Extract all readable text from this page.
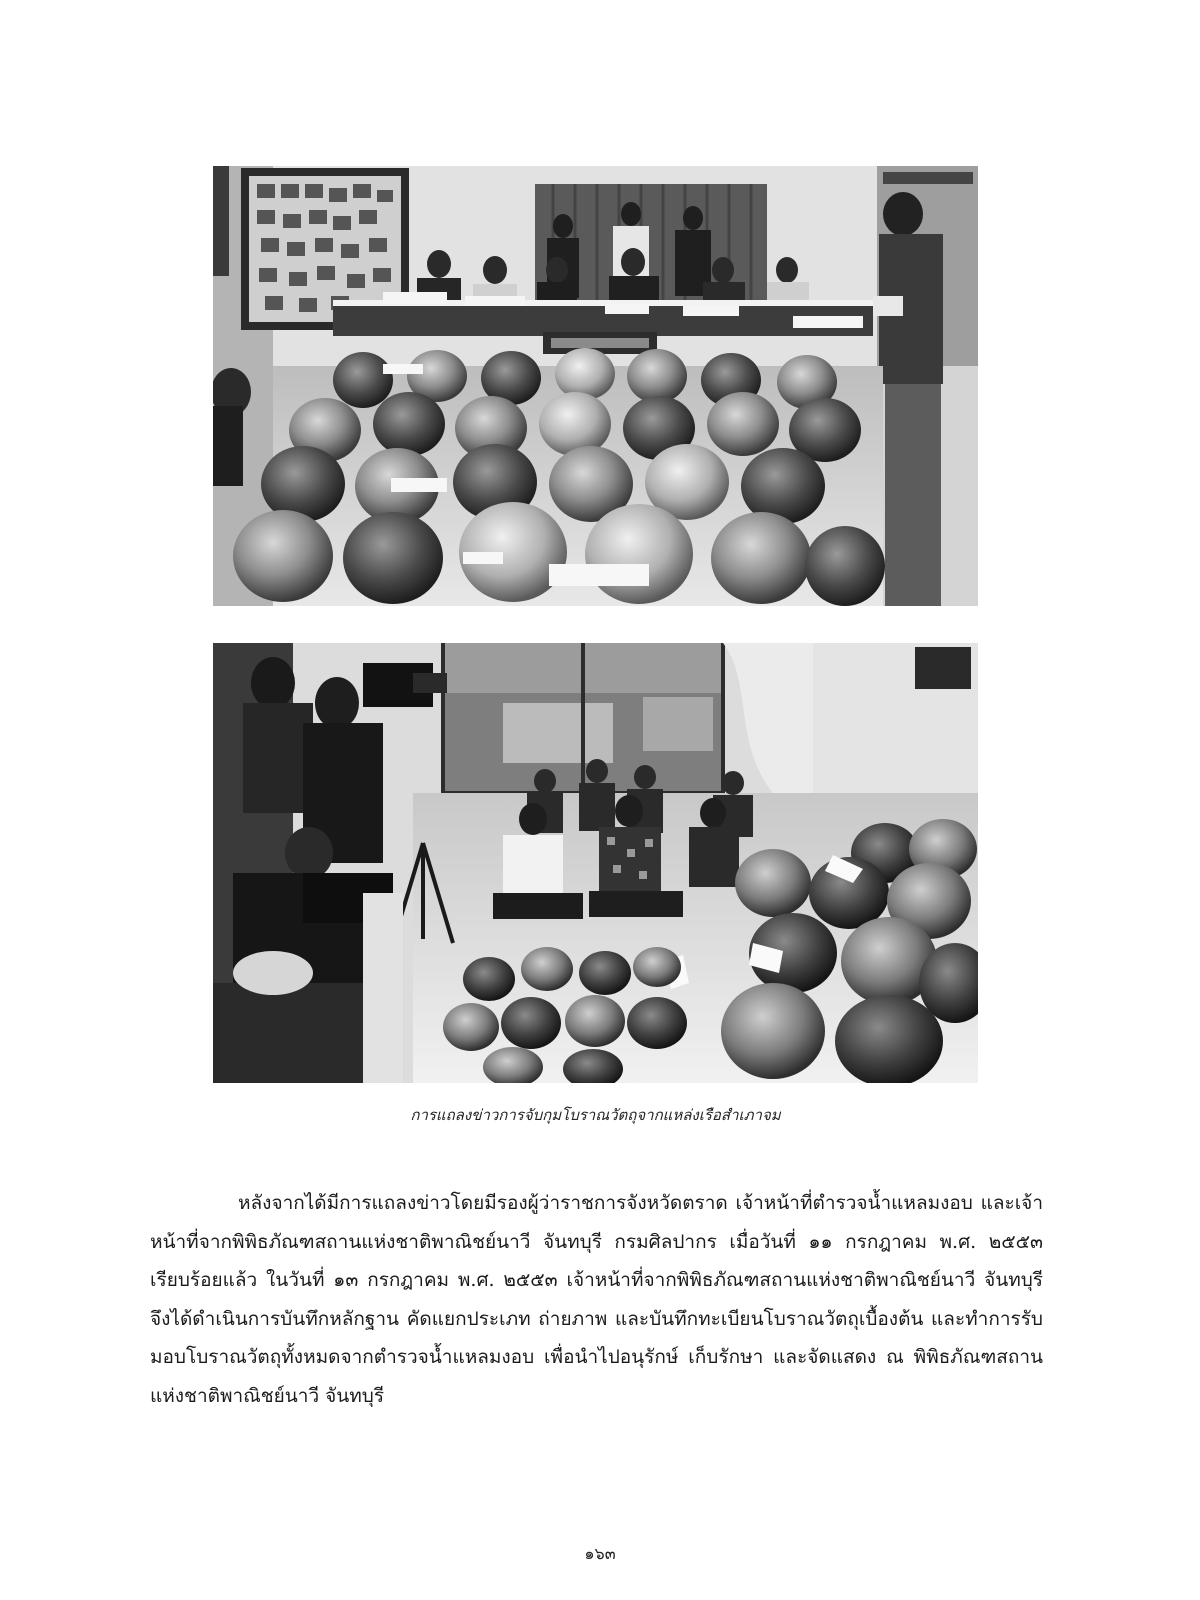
การแถลงข่าวการจับกุมโบราณวัตถุจากแหล่งเรือสำเภาจม

หลังจากได้มีการแถลงข่าวโดยมีรองผู้ว่าราชการจังหวัดตราด เจ้าหน้าที่ตำรวจน้ำแหลมงอบ และเจ้าหน้าที่จากพิพิธภัณฑสถานแห่งชาติพาณิชย์นาวี จันทบุรี กรมศิลปากร เมื่อวันที่ ๑๑ กรกฎาคม พ.ศ. ๒๕๕๓ เรียบร้อยแล้ว ในวันที่ ๑๓ กรกฎาคม พ.ศ. ๒๕๕๓ เจ้าหน้าที่จากพิพิธภัณฑสถานแห่งชาติพาณิชย์นาวี จันทบุรี จึงได้ดำเนินการบันทึกหลักฐาน คัดแยกประเภท ถ่ายภาพ และบันทึกทะเบียนโบราณวัตถุเบื้องต้น และทำการรับมอบโบราณวัตถุทั้งหมดจากตำรวจน้ำแหลมงอบ เพื่อนำไปอนุรักษ์ เก็บรักษา และจัดแสดง ณ พิพิธภัณฑสถานแห่งชาติพาณิชย์นาวี จันทบุรี

๑๖๓
